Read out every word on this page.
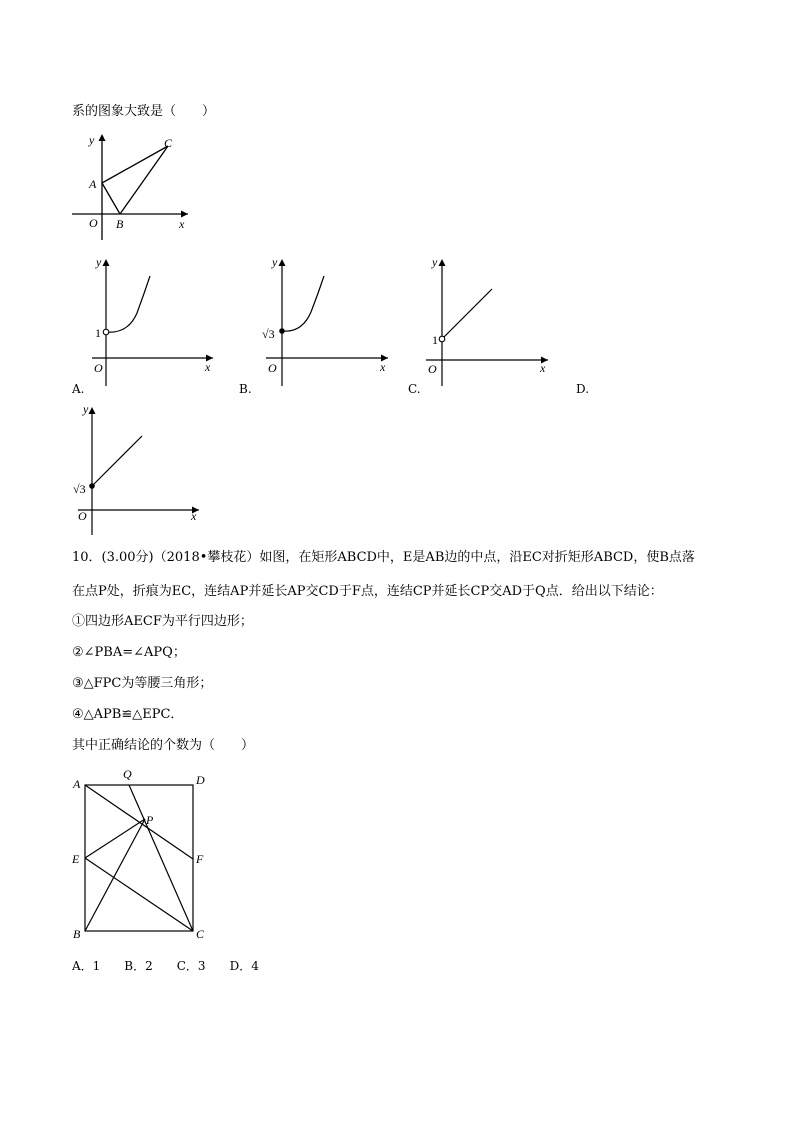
系的图象大致是（　　）
y
x
O
A
B
C
y
x
O
1
A.
y
x
O
√3
B.
y
x
O
1
C.	D.
y
x
O
√3
10．(3.00分)（2018•攀枝花）如图，在矩形ABCD中，E是AB边的中点，沿EC对折矩形ABCD，使B点落
在点P处，折痕为EC，连结AP并延长AP交CD于F点，连结CP并延长CP交AD于Q点．给出以下结论：
①四边形AECF为平行四边形；
②∠PBA=∠APQ；
③△FPC为等腰三角形；
④△APB≌△EPC．
其中正确结论的个数为（　　）
A
Q	D
P
E	F
B	C
A．1　　B．2　　C．3　　D．4
